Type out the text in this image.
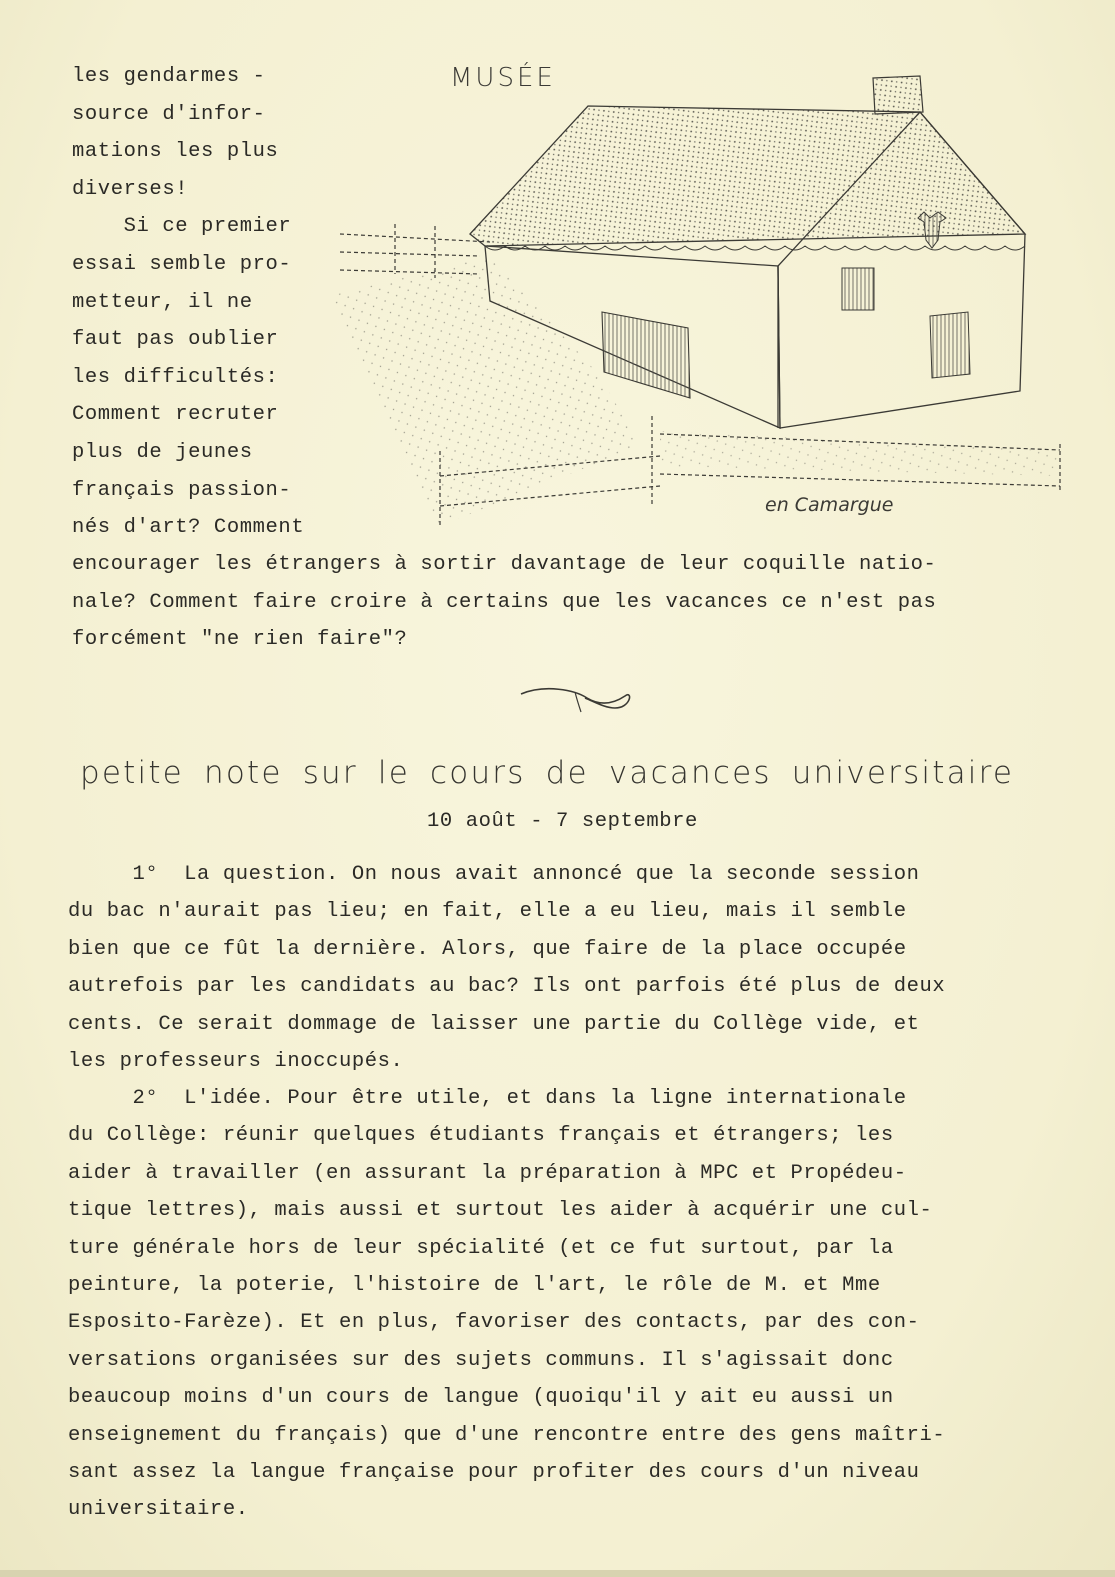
les gendarmes -
source d'infor-
mations les plus
diverses!
Si ce premier
essai semble pro-
metteur, il ne
faut pas oublier
les difficultés:
Comment recruter
plus de jeunes
français passion-
nés d'art? Comment
MUSÉE
en Camargue
encourager les étrangers à sortir davantage de leur coquille natio-
nale? Comment faire croire à certains que les vacances ce n'est pas
forcément "ne rien faire"?
petite note sur le cours de vacances universitaire
10 août - 7 septembre
1°  La question. On nous avait annoncé que la seconde session
du bac n'aurait pas lieu; en fait, elle a eu lieu, mais il semble
bien que ce fût la dernière. Alors, que faire de la place occupée
autrefois par les candidats au bac? Ils ont parfois été plus de deux
cents. Ce serait dommage de laisser une partie du Collège vide, et
les professeurs inoccupés.
2°  L'idée. Pour être utile, et dans la ligne internationale
du Collège: réunir quelques étudiants français et étrangers; les
aider à travailler (en assurant la préparation à MPC et Propédeu-
tique lettres), mais aussi et surtout les aider à acquérir une cul-
ture générale hors de leur spécialité (et ce fut surtout, par la
peinture, la poterie, l'histoire de l'art, le rôle de M. et Mme
Esposito-Farèze). Et en plus, favoriser des contacts, par des con-
versations organisées sur des sujets communs. Il s'agissait donc
beaucoup moins d'un cours de langue (quoiqu'il y ait eu aussi un
enseignement du français) que d'une rencontre entre des gens maîtri-
sant assez la langue française pour profiter des cours d'un niveau
universitaire.
